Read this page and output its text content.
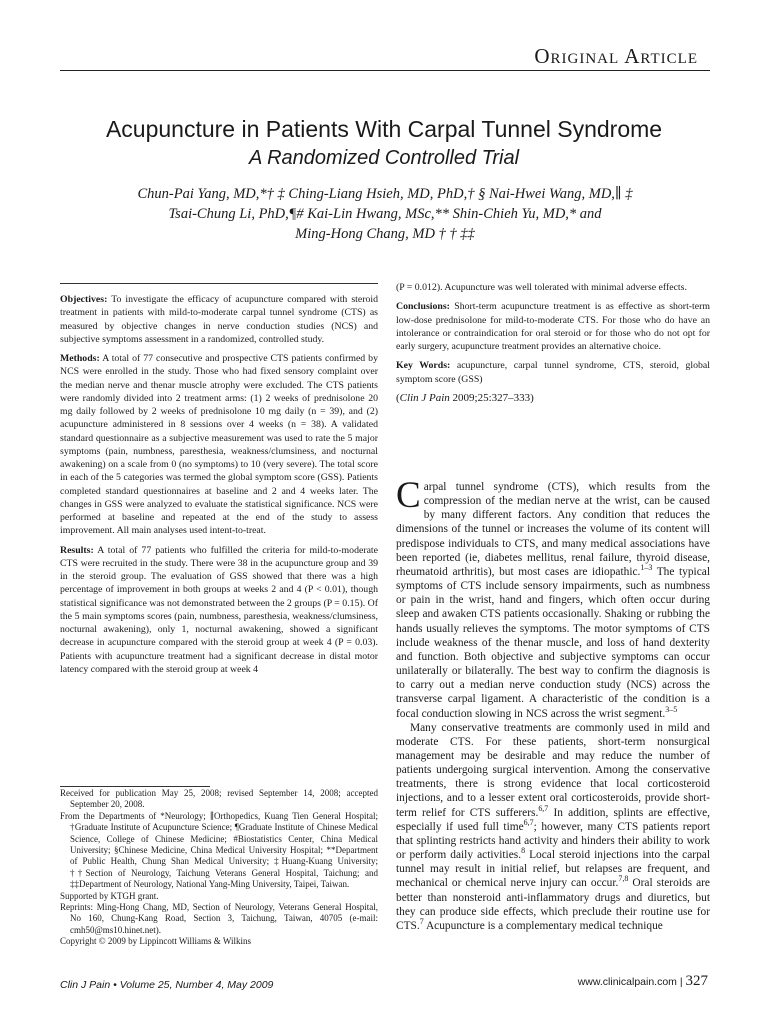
Original Article
Acupuncture in Patients With Carpal Tunnel Syndrome
A Randomized Controlled Trial
Chun-Pai Yang, MD,*† ‡ Ching-Liang Hsieh, MD, PhD,† § Nai-Hwei Wang, MD,∥ ‡
Tsai-Chung Li, PhD,¶# Kai-Lin Hwang, MSc,** Shin-Chieh Yu, MD,* and
Ming-Hong Chang, MD † † ‡‡

Objectives: To investigate the efficacy of acupuncture compared with steroid treatment in patients with mild-to-moderate carpal tunnel syndrome (CTS) as measured by objective changes in nerve conduction studies (NCS) and subjective symptoms assessment in a randomized, controlled study.

Methods: A total of 77 consecutive and prospective CTS patients confirmed by NCS were enrolled in the study. Those who had fixed sensory complaint over the median nerve and thenar muscle atrophy were excluded. The CTS patients were randomly divided into 2 treatment arms: (1) 2 weeks of prednisolone 20 mg daily followed by 2 weeks of prednisolone 10 mg daily (n = 39), and (2) acupuncture administered in 8 sessions over 4 weeks (n = 38). A validated standard questionnaire as a subjective measurement was used to rate the 5 major symptoms (pain, numbness, paresthesia, weakness/clumsiness, and nocturnal awakening) on a scale from 0 (no symptoms) to 10 (very severe). The total score in each of the 5 categories was termed the global symptom score (GSS). Patients completed standard questionnaires at baseline and 2 and 4 weeks later. The changes in GSS were analyzed to evaluate the statistical significance. NCS were performed at baseline and repeated at the end of the study to assess improvement. All main analyses used intent-to-treat.

Results: A total of 77 patients who fulfilled the criteria for mild-to-moderate CTS were recruited in the study. There were 38 in the acupuncture group and 39 in the steroid group. The evaluation of GSS showed that there was a high percentage of improvement in both groups at weeks 2 and 4 (P < 0.01), though statistical significance was not demonstrated between the 2 groups (P = 0.15). Of the 5 main symptoms scores (pain, numbness, paresthesia, weakness/clumsiness, nocturnal awakening), only 1, nocturnal awakening, showed a significant decrease in acupuncture compared with the steroid group at week 4 (P = 0.03). Patients with acupuncture treatment had a significant decrease in distal motor latency compared with the steroid group at week 4

(P = 0.012). Acupuncture was well tolerated with minimal adverse effects.

Conclusions: Short-term acupuncture treatment is as effective as short-term low-dose prednisolone for mild-to-moderate CTS. For those who do have an intolerance or contraindication for oral steroid or for those who do not opt for early surgery, acupuncture treatment provides an alternative choice.

Key Words: acupuncture, carpal tunnel syndrome, CTS, steroid, global symptom score (GSS)

(Clin J Pain 2009;25:327–333)

Received for publication May 25, 2008; revised September 14, 2008; accepted September 20, 2008.
From the Departments of *Neurology; ∥Orthopedics, Kuang Tien General Hospital; †Graduate Institute of Acupuncture Science; ¶Graduate Institute of Chinese Medical Science, College of Chinese Medicine; #Biostatistics Center, China Medical University; §Chinese Medicine, China Medical University Hospital; **Department of Public Health, Chung Shan Medical University; ‡Huang-Kuang University; ††Section of Neurology, Taichung Veterans General Hospital, Taichung; and ‡‡Department of Neurology, National Yang-Ming University, Taipei, Taiwan.
Supported by KTGH grant.
Reprints: Ming-Hong Chang, MD, Section of Neurology, Veterans General Hospital, No 160, Chung-Kang Road, Section 3, Taichung, Taiwan, 40705 (e-mail: cmh50@ms10.hinet.net).
Copyright © 2009 by Lippincott Williams & Wilkins

Carpal tunnel syndrome (CTS), which results from the compression of the median nerve at the wrist, can be caused by many different factors. Any condition that reduces the dimensions of the tunnel or increases the volume of its content will predispose individuals to CTS, and many medical associations have been reported (ie, diabetes mellitus, renal failure, thyroid disease, rheumatoid arthritis), but most cases are idiopathic.$^{1-3}$ The typical symptoms of CTS include sensory impairments, such as numbness or pain in the wrist, hand and fingers, which often occur during sleep and awaken CTS patients occasionally. Shaking or rubbing the hands usually relieves the symptoms. The motor symptoms of CTS include weakness of the thenar muscle, and loss of hand dexterity and function. Both objective and subjective symptoms can occur unilaterally or bilaterally. The best way to confirm the diagnosis is to carry out a median nerve conduction study (NCS) across the transverse carpal ligament. A characteristic of the condition is a focal conduction slowing in NCS across the wrist segment.$^{3-5}$

Many conservative treatments are commonly used in mild and moderate CTS. For these patients, short-term nonsurgical management may be desirable and may reduce the number of patients undergoing surgical intervention. Among the conservative treatments, there is strong evidence that local corticosteroid injections, and to a lesser extent oral corticosteroids, provide short-term relief for CTS sufferers.$^{6,7}$ In addition, splints are effective, especially if used full time$^{6,7}$; however, many CTS patients report that splinting restricts hand activity and hinders their ability to work or perform daily activities.$^8$ Local steroid injections into the carpal tunnel may result in initial relief, but relapses are frequent, and mechanical or chemical nerve injury can occur.$^{7,8}$ Oral steroids are better than nonsteroid anti-inflammatory drugs and diuretics, but they can produce side effects, which preclude their routine use for CTS.$^7$ Acupuncture is a complementary medical technique

Clin J Pain • Volume 25, Number 4, May 2009	www.clinicalpain.com | 327
